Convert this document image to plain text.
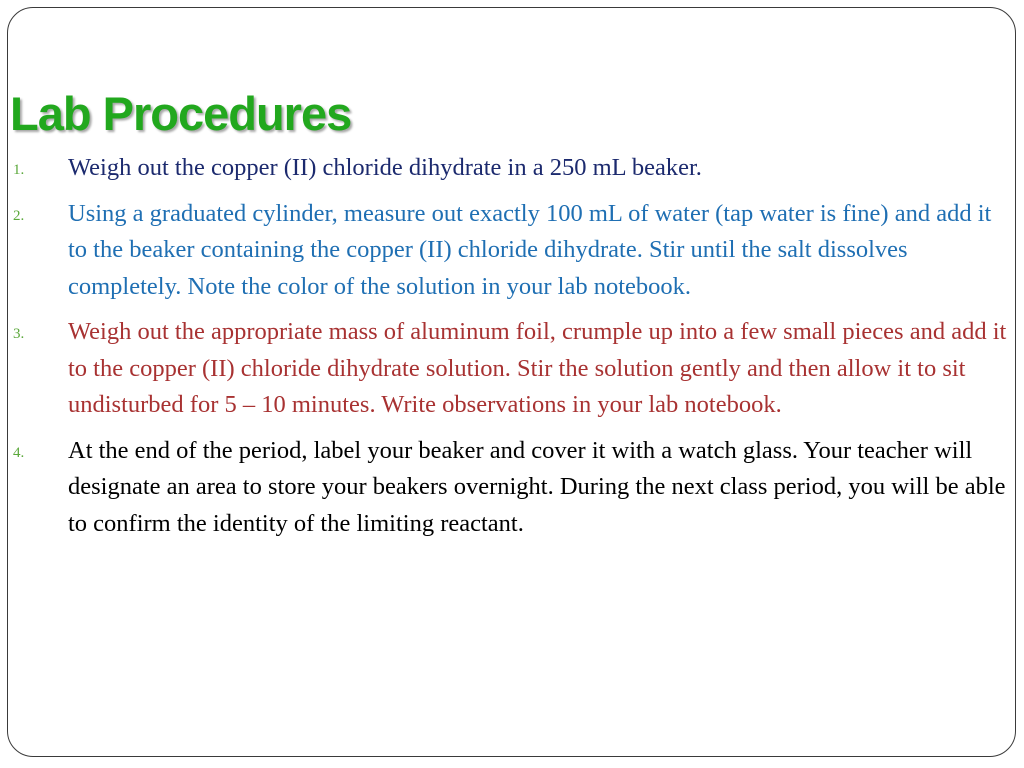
Lab Procedures
1. Weigh out the copper (II) chloride dihydrate in a 250 mL beaker.
2. Using a graduated cylinder, measure out exactly 100 mL of water (tap water is fine) and add it to the beaker containing the copper (II) chloride dihydrate. Stir until the salt dissolves completely. Note the color of the solution in your lab notebook.
3. Weigh out the appropriate mass of aluminum foil, crumple up into a few small pieces and add it to the copper (II) chloride dihydrate solution. Stir the solution gently and then allow it to sit undisturbed for 5 – 10 minutes. Write observations in your lab notebook.
4. At the end of the period, label your beaker and cover it with a watch glass. Your teacher will designate an area to store your beakers overnight. During the next class period, you will be able to confirm the identity of the limiting reactant.
